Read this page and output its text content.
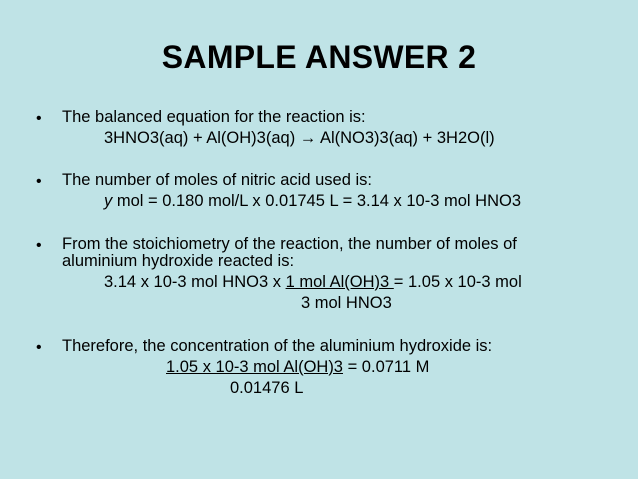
SAMPLE ANSWER 2
• The balanced equation for the reaction is:
3HNO3(aq) + Al(OH)3(aq) → Al(NO3)3(aq) + 3H2O(l)
• The number of moles of nitric acid used is:
y mol = 0.180 mol/L x 0.01745 L = 3.14 x 10-3 mol HNO3
• From the stoichiometry of the reaction, the number of moles of
aluminium hydroxide reacted is:
3.14 x 10-3 mol HNO3 x 1 mol Al(OH)3 = 1.05 x 10-3 mol
3 mol HNO3
• Therefore, the concentration of the aluminium hydroxide is:
1.05 x 10-3 mol Al(OH)3 = 0.0711 M
0.01476 L
